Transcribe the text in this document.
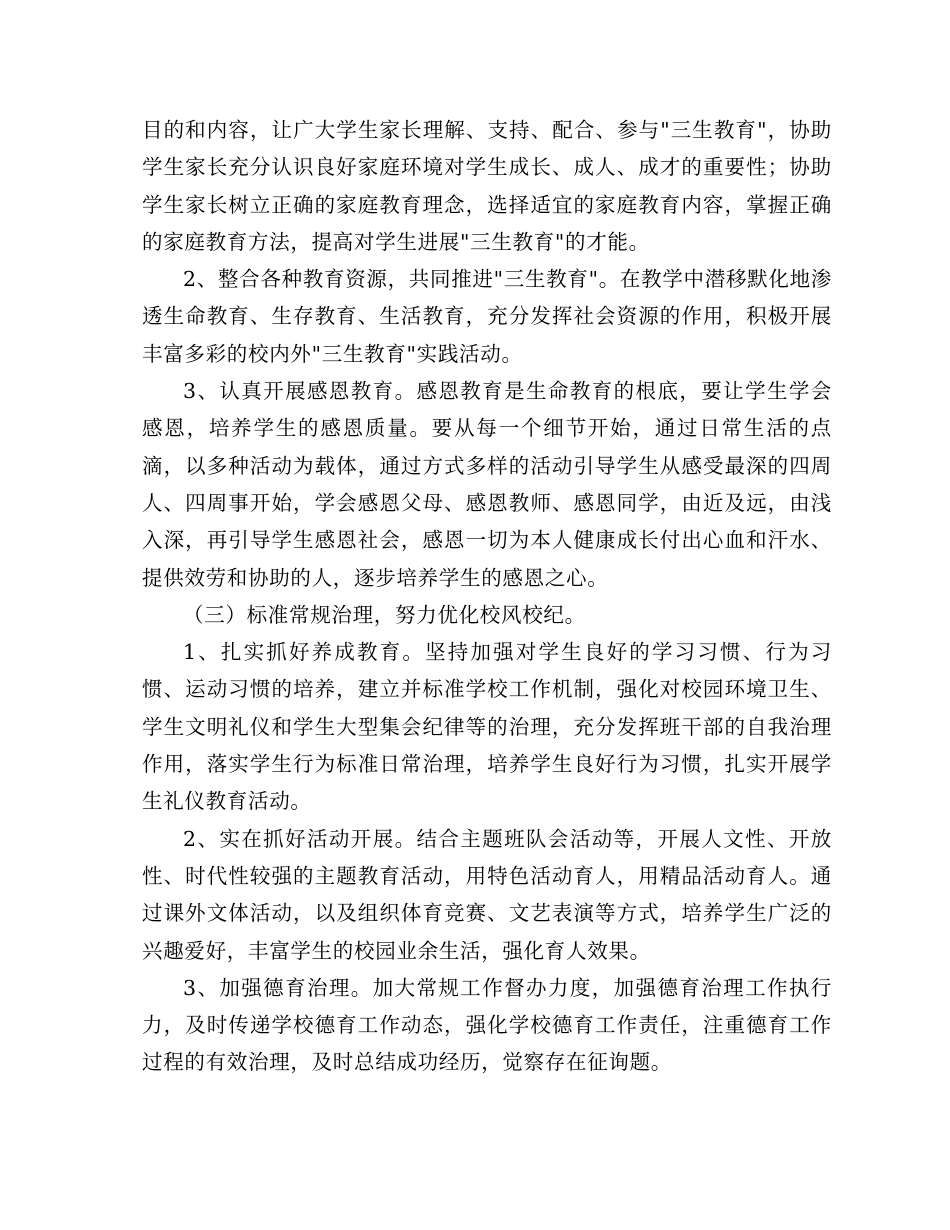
目的和内容，让广大学生家长理解、支持、配合、参与"三生教育"，协助学生家长充分认识良好家庭环境对学生成长、成人、成才的重要性；协助学生家长树立正确的家庭教育理念，选择适宜的家庭教育内容，掌握正确的家庭教育方法，提高对学生进展"三生教育"的才能。

2、整合各种教育资源，共同推进"三生教育"。在教学中潜移默化地渗透生命教育、生存教育、生活教育，充分发挥社会资源的作用，积极开展丰富多彩的校内外"三生教育"实践活动。

3、认真开展感恩教育。感恩教育是生命教育的根底，要让学生学会感恩，培养学生的感恩质量。要从每一个细节开始，通过日常生活的点滴，以多种活动为载体，通过方式多样的活动引导学生从感受最深的四周人、四周事开始，学会感恩父母、感恩教师、感恩同学，由近及远，由浅入深，再引导学生感恩社会，感恩一切为本人健康成长付出心血和汗水、提供效劳和协助的人，逐步培养学生的感恩之心。

（三）标准常规治理，努力优化校风校纪。

1、扎实抓好养成教育。坚持加强对学生良好的学习习惯、行为习惯、运动习惯的培养，建立并标准学校工作机制，强化对校园环境卫生、学生文明礼仪和学生大型集会纪律等的治理，充分发挥班干部的自我治理作用，落实学生行为标准日常治理，培养学生良好行为习惯，扎实开展学生礼仪教育活动。

2、实在抓好活动开展。结合主题班队会活动等，开展人文性、开放性、时代性较强的主题教育活动，用特色活动育人，用精品活动育人。通过课外文体活动，以及组织体育竞赛、文艺表演等方式，培养学生广泛的兴趣爱好，丰富学生的校园业余生活，强化育人效果。

3、加强德育治理。加大常规工作督办力度，加强德育治理工作执行力，及时传递学校德育工作动态，强化学校德育工作责任，注重德育工作过程的有效治理，及时总结成功经历，觉察存在征询题。
